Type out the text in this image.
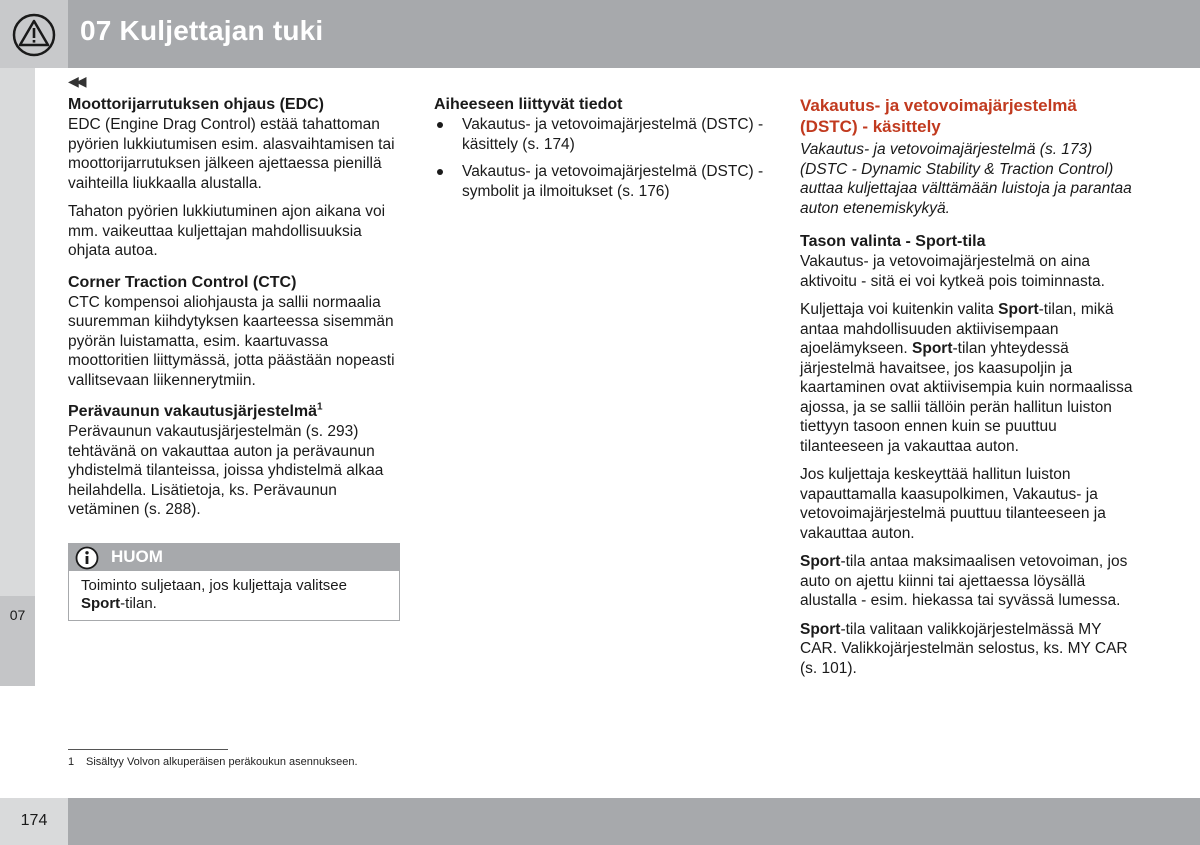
07 Kuljettajan tuki
07
◀◀
Moottorijarrutuksen ohjaus (EDC)

EDC (Engine Drag Control) estää tahattoman pyörien lukkiutumisen esim. alasvaihtamisen tai moottorijarrutuksen jälkeen ajettaessa pienillä vaihteilla liukkaalla alustalla.

Tahaton pyörien lukkiutuminen ajon aikana voi mm. vaikeuttaa kuljettajan mahdollisuuksia ohjata autoa.

Corner Traction Control (CTC)

CTC kompensoi aliohjausta ja sallii normaalia suuremman kiihdytyksen kaarteessa sisemmän pyörän luistamatta, esim. kaartuvassa moottoritien liittymässä, jotta päästään nopeasti vallitsevaan liikennerytmiin.

Perävaunun vakautusjärjestelmä$^1$

Perävaunun vakautusjärjestelmän (s. 293) tehtävänä on vakauttaa auton ja perävaunun yhdistelmä tilanteissa, joissa yhdistelmä alkaa heilahdella. Lisätietoja, ks. Perävaunun vetäminen (s. 288).

HUOM
Toiminto suljetaan, jos kuljettaja valitsee Sport-tilan.
Aiheeseen liittyvät tiedot
Vakautus- ja vetovoimajärjestelmä (DSTC) - käsittely (s. 174)
Vakautus- ja vetovoimajärjestelmä (DSTC) - symbolit ja ilmoitukset (s. 176)
Vakautus- ja vetovoimajärjestelmä (DSTC) - käsittely

Vakautus- ja vetovoimajärjestelmä (s. 173) (DSTC - Dynamic Stability & Traction Control) auttaa kuljettajaa välttämään luistoja ja parantaa auton etenemiskykyä.

Tason valinta - Sport-tila

Vakautus- ja vetovoimajärjestelmä on aina aktivoitu - sitä ei voi kytkeä pois toiminnasta.

Kuljettaja voi kuitenkin valita Sport-tilan, mikä antaa mahdollisuuden aktiivisempaan ajoelämykseen. Sport-tilan yhteydessä järjestelmä havaitsee, jos kaasupoljin ja kaartaminen ovat aktiivisempia kuin normaalissa ajossa, ja se sallii tällöin perän hallitun luiston tiettyyn tasoon ennen kuin se puuttuu tilanteeseen ja vakauttaa auton.

Jos kuljettaja keskeyttää hallitun luiston vapauttamalla kaasupolkimen, Vakautus- ja vetovoimajärjestelmä puuttuu tilanteeseen ja vakauttaa auton.

Sport-tila antaa maksimaalisen vetovoiman, jos auto on ajettu kiinni tai ajettaessa löysällä alustalla - esim. hiekassa tai syvässä lumessa.

Sport-tila valitaan valikkojärjestelmässä MY CAR. Valikkojärjestelmän selostus, ks. MY CAR (s. 101).

1 Sisältyy Volvon alkuperäisen peräkoukun asennukseen.
174
